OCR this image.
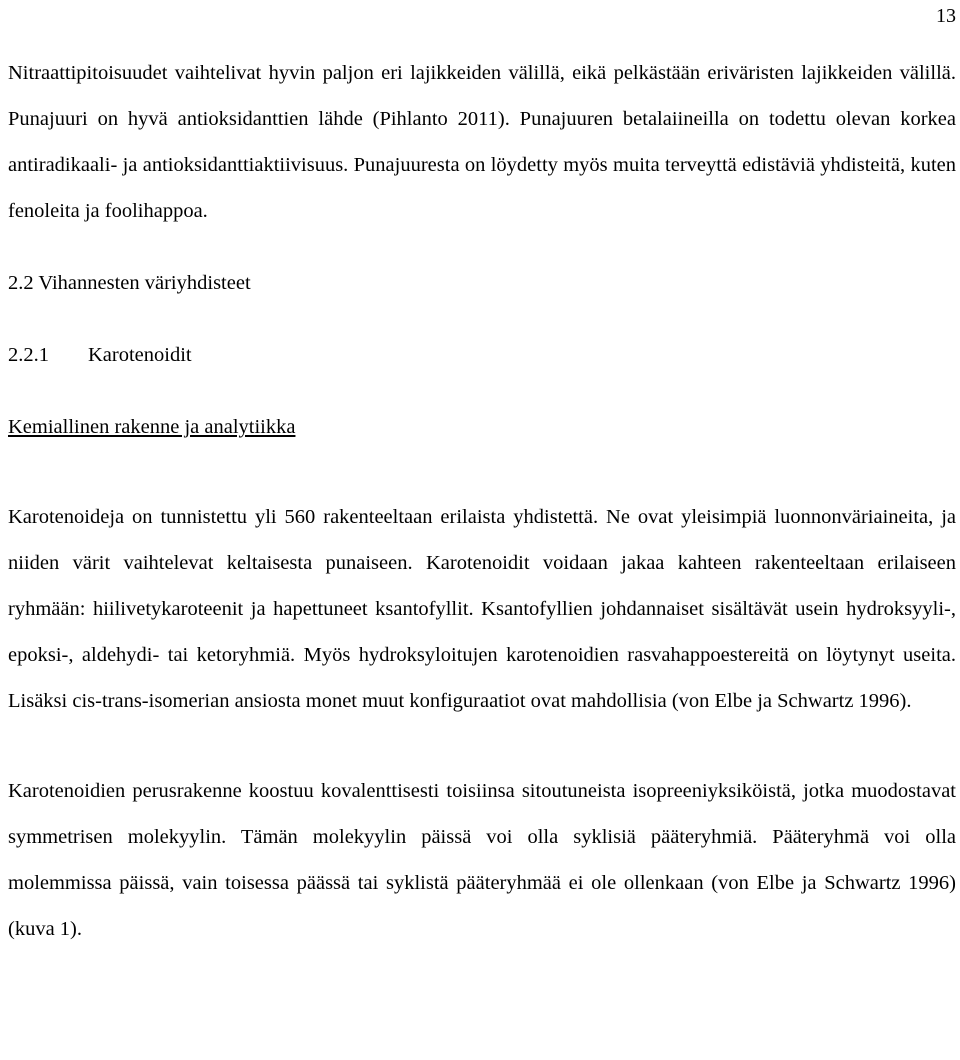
13

Nitraattipitoisuudet vaihtelivat hyvin paljon eri lajikkeiden välillä, eikä pelkästään eriväristen lajikkeiden välillä. Punajuuri on hyvä antioksidanttien lähde (Pihlanto 2011). Punajuuren betalaiineilla on todettu olevan korkea antiradikaali- ja antioksidanttiaktiivisuus. Punajuuresta on löydetty myös muita terveyttä edistäviä yhdisteitä, kuten fenoleita ja foolihappoa.

2.2 Vihannesten väriyhdisteet
2.2.1 Karotenoidit
Kemiallinen rakenne ja analytiikka

Karotenoideja on tunnistettu yli 560 rakenteeltaan erilaista yhdistettä. Ne ovat yleisimpiä luonnonväriaineita, ja niiden värit vaihtelevat keltaisesta punaiseen. Karotenoidit voidaan jakaa kahteen rakenteeltaan erilaiseen ryhmään: hiilivetykaroteenit ja hapettuneet ksantofyllit. Ksantofyllien johdannaiset sisältävät usein hydroksyyli-, epoksi-, aldehydi- tai ketoryhmiä. Myös hydroksyloitujen karotenoidien rasvahappoestereitä on löytynyt useita. Lisäksi cis-trans-isomerian ansiosta monet muut konfiguraatiot ovat mahdollisia (von Elbe ja Schwartz 1996).

Karotenoidien perusrakenne koostuu kovalenttisesti toisiinsa sitoutuneista isopreeniyksiköistä, jotka muodostavat symmetrisen molekyylin. Tämän molekyylin päissä voi olla syklisiä pääteryhmiä. Pääteryhmä voi olla molemmissa päissä, vain toisessa päässä tai syklistä pääteryhmää ei ole ollenkaan (von Elbe ja Schwartz 1996) (kuva 1).
